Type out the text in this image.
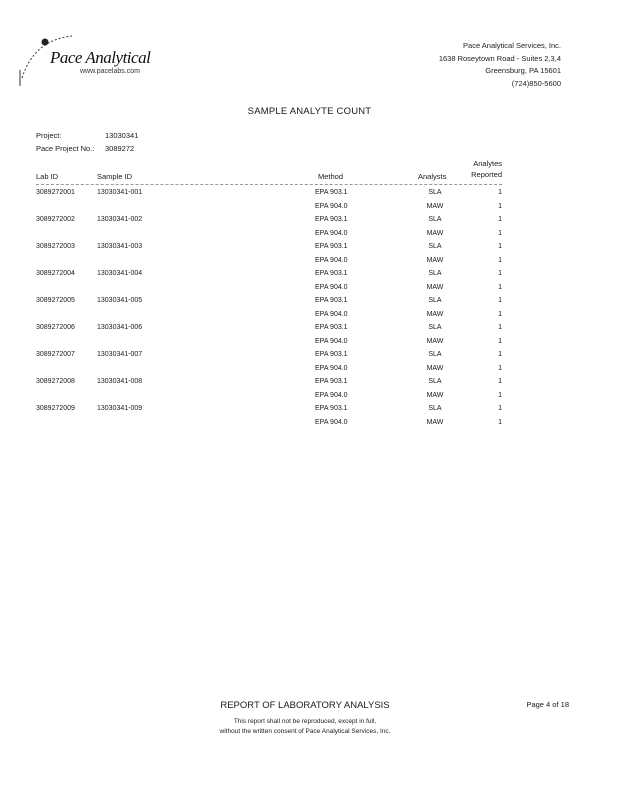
Pace Analytical
www.pacelabs.com
Pace Analytical Services, Inc.
1638 Roseytown Road - Suites 2,3,4
Greensburg, PA 15601
(724)850-5600
SAMPLE ANALYTE COUNT
Project:	13030341
Pace Project No.: 3089272
Lab ID	Sample ID	Method	Analysts
Analytes
Reported
3089272001	13030341-001	EPA 903.1	SLA	1
EPA 904.0	MAW	1
3089272002	13030341-002	EPA 903.1	SLA	1
EPA 904.0	MAW	1
3089272003	13030341-003	EPA 903.1	SLA	1
EPA 904.0	MAW	1
3089272004	13030341-004	EPA 903.1	SLA	1
EPA 904.0	MAW	1
3089272005	13030341-005	EPA 903.1	SLA	1
EPA 904.0	MAW	1
3089272006	13030341-006	EPA 903.1	SLA	1
EPA 904.0	MAW	1
3089272007	13030341-007	EPA 903.1	SLA	1
EPA 904.0	MAW	1
3089272008	13030341-008	EPA 903.1	SLA	1
EPA 904.0	MAW	1
3089272009	13030341-009	EPA 903.1	SLA	1
EPA 904.0	MAW	1
REPORT OF LABORATORY ANALYSIS	Page 4 of 18
This report shall not be reproduced, except in full,
without the written consent of Pace Analytical Services, Inc.
